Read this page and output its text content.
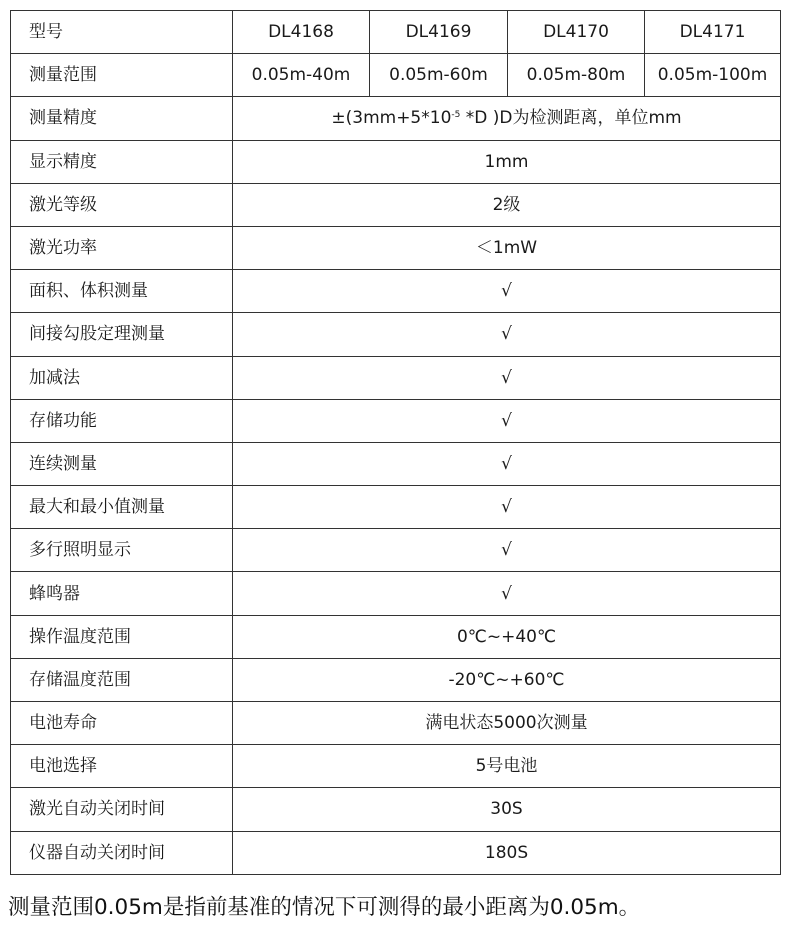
型号	DL4168	DL4169	DL4170	DL4171
测量范围	0.05m-40m	0.05m-60m	0.05m-80m	0.05m-100m
测量精度	$\pm(3mm+5*10^{-5}$ *D )D为检测距离，单位mm			
显示精度	1mm			
激光等级	2级			
激光功率	＜1mW			
面积、体积测量	√			
间接勾股定理测量	√			
加减法	√			
存储功能	√			
连续测量	√			
最大和最小值测量	√			
多行照明显示	√			
蜂鸣器	√			
操作温度范围	0℃~+40℃			
存储温度范围	-20℃~+60℃			
电池寿命	满电状态5000次测量			
电池选择	5号电池			
激光自动关闭时间	30S			
仪器自动关闭时间	180S			
测量范围0.05m是指前基准的情况下可测得的最小距离为0.05m。
